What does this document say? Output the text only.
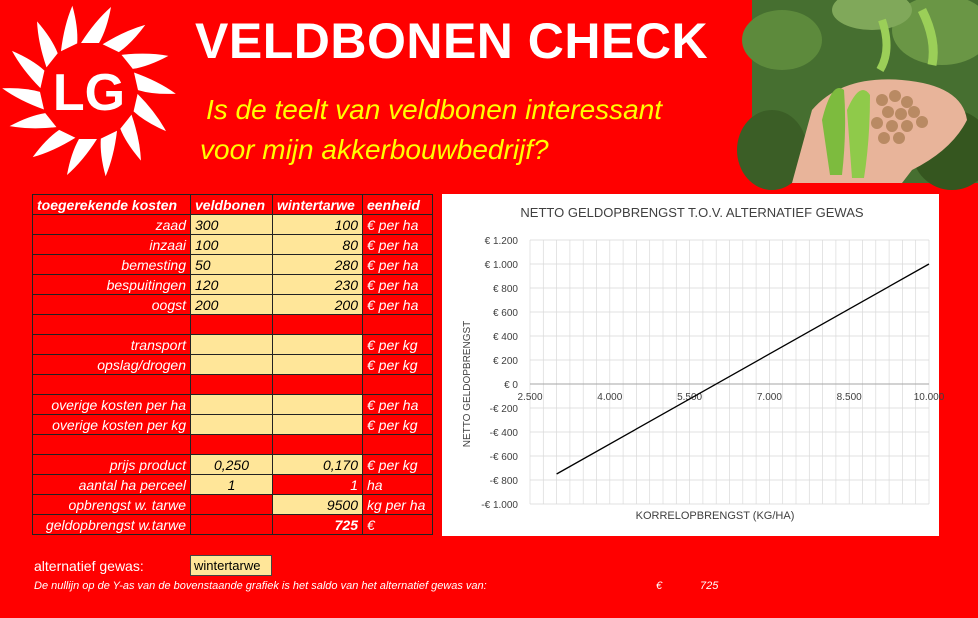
LG
VELDBONEN CHECK
Is de teelt van veldbonen interessant
voor mijn akkerbouwbedrijf?
toegerekende kosten	veldbonen	wintertarwe	eenheid
zaad	300	100	€ per ha
inzaai	100	80	€ per ha
bemesting	50	280	€ per ha
bespuitingen	120	230	€ per ha
oogst	200	200	€ per ha

transport			€ per kg
opslag/drogen			€ per kg

overige kosten per ha			€ per ha
overige kosten per kg			€ per kg

prijs product	0,250	0,170	€ per kg
aantal ha perceel	1	1	ha
opbrengst w. tarwe		9500	kg per ha
geldopbrengst w.tarwe		725	€
NETTO GELDOPBRENGST T.O.V. ALTERNATIEF GEWAS
€ 1.200
€ 1.000
€ 800
€ 600
€ 400
€ 200
€ 0
-€ 200
-€ 400
-€ 600
-€ 800
-€ 1.000
2.500	4.000	5.500	7.000	8.500	10.000
NETTO GELDOPBRENGST
KORRELOPBRENGST (KG/HA)
alternatief gewas:	wintertarwe
De nullijn op de Y-as van de bovenstaande grafiek is het saldo van het alternatief gewas van:	€	725
